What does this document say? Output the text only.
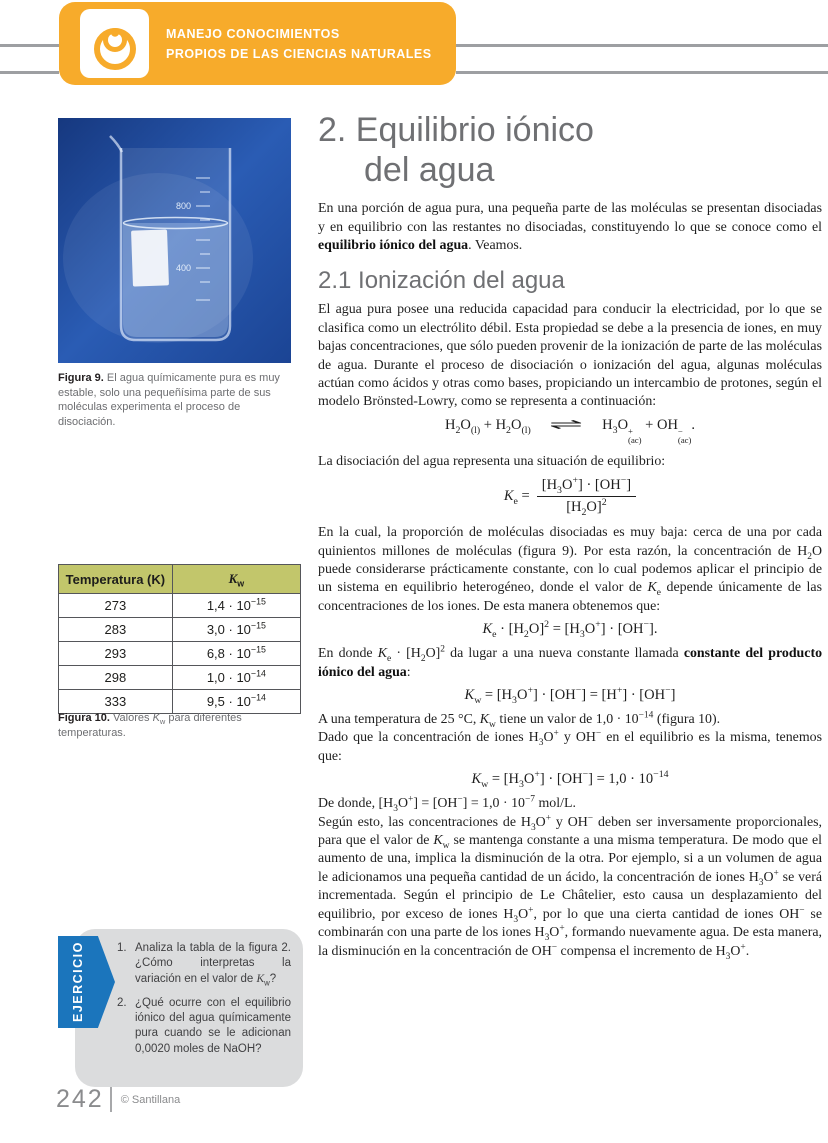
MANEJO CONOCIMIENTOS
PROPIOS DE LAS CIENCIAS NATURALES
800
400
Figura 9. El agua químicamente pura es muy estable, solo una pequeñísima parte de sus moléculas experimenta el proceso de disociación.
Temperatura (K)	$K_w$
273	$1,4 \cdot 10^{-15}$
283	$3,0 \cdot 10^{-15}$
293	$6,8 \cdot 10^{-15}$
298	$1,0 \cdot 10^{-14}$
333	$9,5 \cdot 10^{-14}$
Figura 10. Valores $K_w$ para diferentes temperaturas.
EJERCICIO	1. Analiza la tabla de la figura 2. ¿Cómo interpretas la variación en el valor de $K_w$?
2. ¿Qué ocurre con el equilibrio iónico del agua químicamente pura cuando se le adicionan 0,0020 moles de NaOH?
242 © Santillana
2. Equilibrio iónico
del agua

En una porción de agua pura, una pequeña parte de las moléculas se presentan disociadas y en equilibrio con las restantes no disociadas, constituyendo lo que se conoce como el equilibrio iónico del agua. Veamos.

2.1 Ionización del agua

El agua pura posee una reducida capacidad para conducir la electricidad, por lo que se clasifica como un electrólito débil. Esta propiedad se debe a la presencia de iones, en muy bajas concentraciones, que sólo pueden provenir de la ionización de parte de las moléculas de agua. Durante el proceso de disociación o ionización del agua, algunas moléculas actúan como ácidos y otras como bases, propiciando un intercambio de protones, según el modelo Brönsted-Lowry, como se representa a continuación:

$H_2O_{(l)} + H_2O_{(l)}$ ⇌ $H_3O$ +
(ac)
+ OH −
(ac)
.

La disociación del agua representa una situación de equilibrio:

$K_e = \frac{[H_3O^+] \cdot [OH^-]}{[H_2O]^2}$

En la cual, la proporción de moléculas disociadas es muy baja: cerca de una por cada quinientos millones de moléculas (figura 9). Por esta razón, la concentración de $H_2O$ puede considerarse prácticamente constante, con lo cual podemos aplicar el principio de un sistema en equilibrio heterogéneo, donde el valor de $K_e$ depende únicamente de las concentraciones de los iones. De esta manera obtenemos que:

$K_e \cdot [H_2O]^2 = [H_3O^+] \cdot [OH^-]$.

En donde $K_e \cdot [H_2O]^2$ da lugar a una nueva constante llamada constante del producto iónico del agua:

$K_w = [H_3O^+] \cdot [OH^-] = [H^+] \cdot [OH^-]$

A una temperatura de 25 °C, $K_w$ tiene un valor de $1,0 \cdot 10^{-14}$ (figura 10).

Dado que la concentración de iones $H_3O^+$ y OH− en el equilibrio es la misma, tenemos que:

$K_w = [H_3O^+] \cdot [OH^-] = 1,0 \cdot 10^{-14}$

De donde, $[H_3O^+] = [OH^-] = 1,0 \cdot 10^{-7}$ mol/L.

Según esto, las concentraciones de $H_3O^+$ y OH− deben ser inversamente proporcionales, para que el valor de $K_w$ se mantenga constante a una misma temperatura. De modo que el aumento de una, implica la disminución de la otra. Por ejemplo, si a un volumen de agua le adicionamos una pequeña cantidad de un ácido, la concentración de iones $H_3O^+$ se verá incrementada. Según el principio de Le Châtelier, esto causa un desplazamiento del equilibrio, por exceso de iones $H_3O^+$, por lo que una cierta cantidad de iones OH− se combinarán con una parte de los iones $H_3O^+$, formando nuevamente agua. De esta manera, la disminución en la concentración de OH− compensa el incremento de $H_3O^+$.
